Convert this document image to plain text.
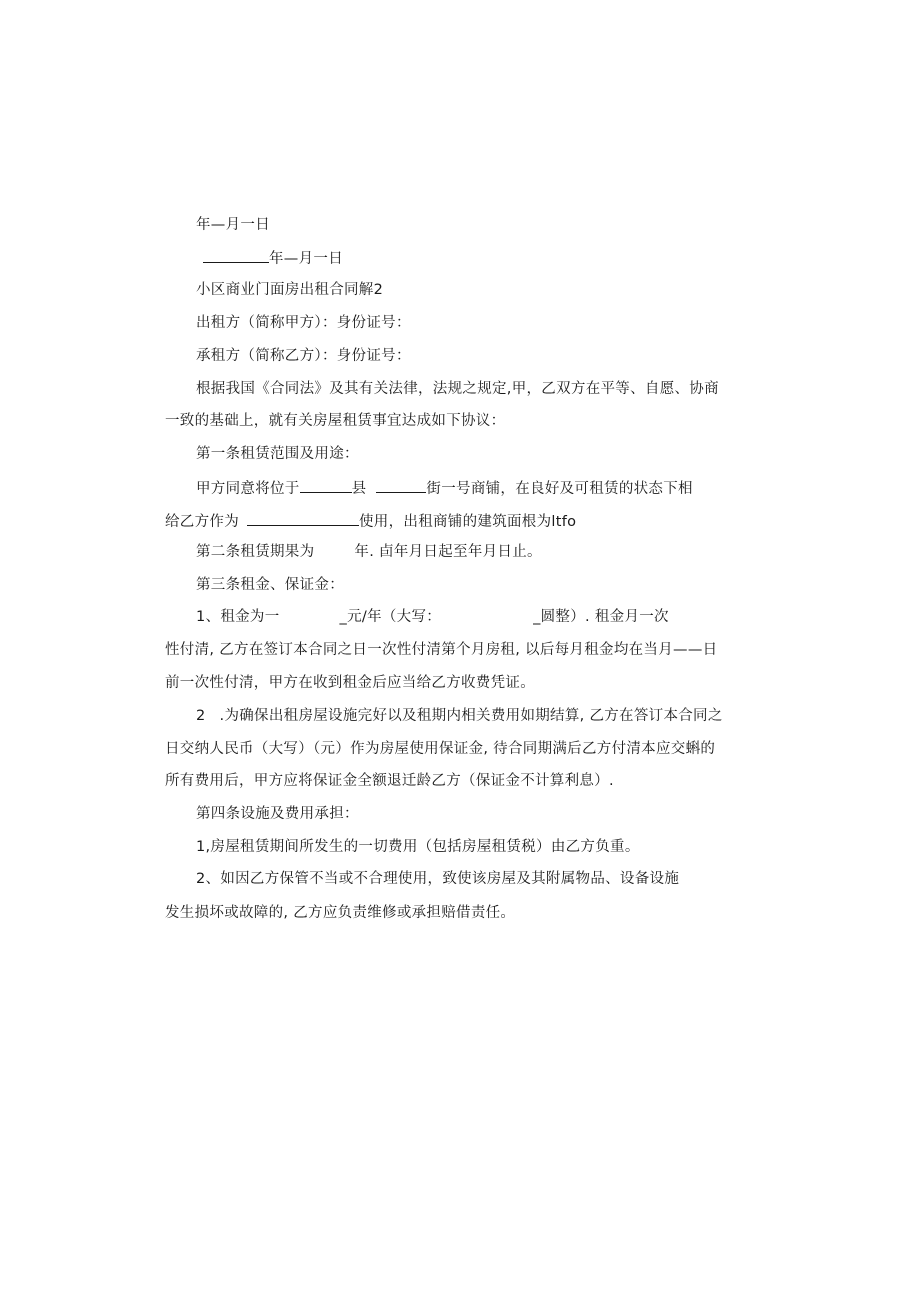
年—月一日
年—月一日
小区商业门面房出租合同解2
出租方（简称甲方）：身份证号：
承租方（简称乙方）：身份证号：
根据我国《合同法》及其有关法律，法规之规定,甲，乙双方在平等、自愿、协商
一致的基础上，就有关房屋租赁事宜达成如下协议：
第一条租赁范围及用途：
甲方同意将位于	县	街一号商铺，在良好及可租赁的状态下相
给乙方作为	使用，出租商铺的建筑面根为ltfo
第二条租赁期果为	年. 卣年月日起至年月日止。
第三条租金、保证金：
1、租金为一	_元/年（大写：	_圆整）. 租金月一次
性付清, 乙方在签订本合同之日一次性付清第个月房租, 以后每月租金均在当月——日
前一次性付清，甲方在收到租金后应当给乙方收费凭证。
2 .为确保出租房屋设施完好以及租期内相关费用如期结算, 乙方在答订本合同之
日交纳人民币（大写）（元）作为房屋使用保证金, 待合同期满后乙方付清本应交蝌的
所有费用后，甲方应将保证金全额退迁龄乙方（保证金不计算利息）.
第四条设施及费用承担：
1,房屋租赁期间所发生的一切费用（包括房屋租赁税）由乙方负重。
2、如因乙方保管不当或不合理使用，致使该房屋及其附属物品、设备设施
发生损坏或故障的, 乙方应负责维修或承担赔借责任。
